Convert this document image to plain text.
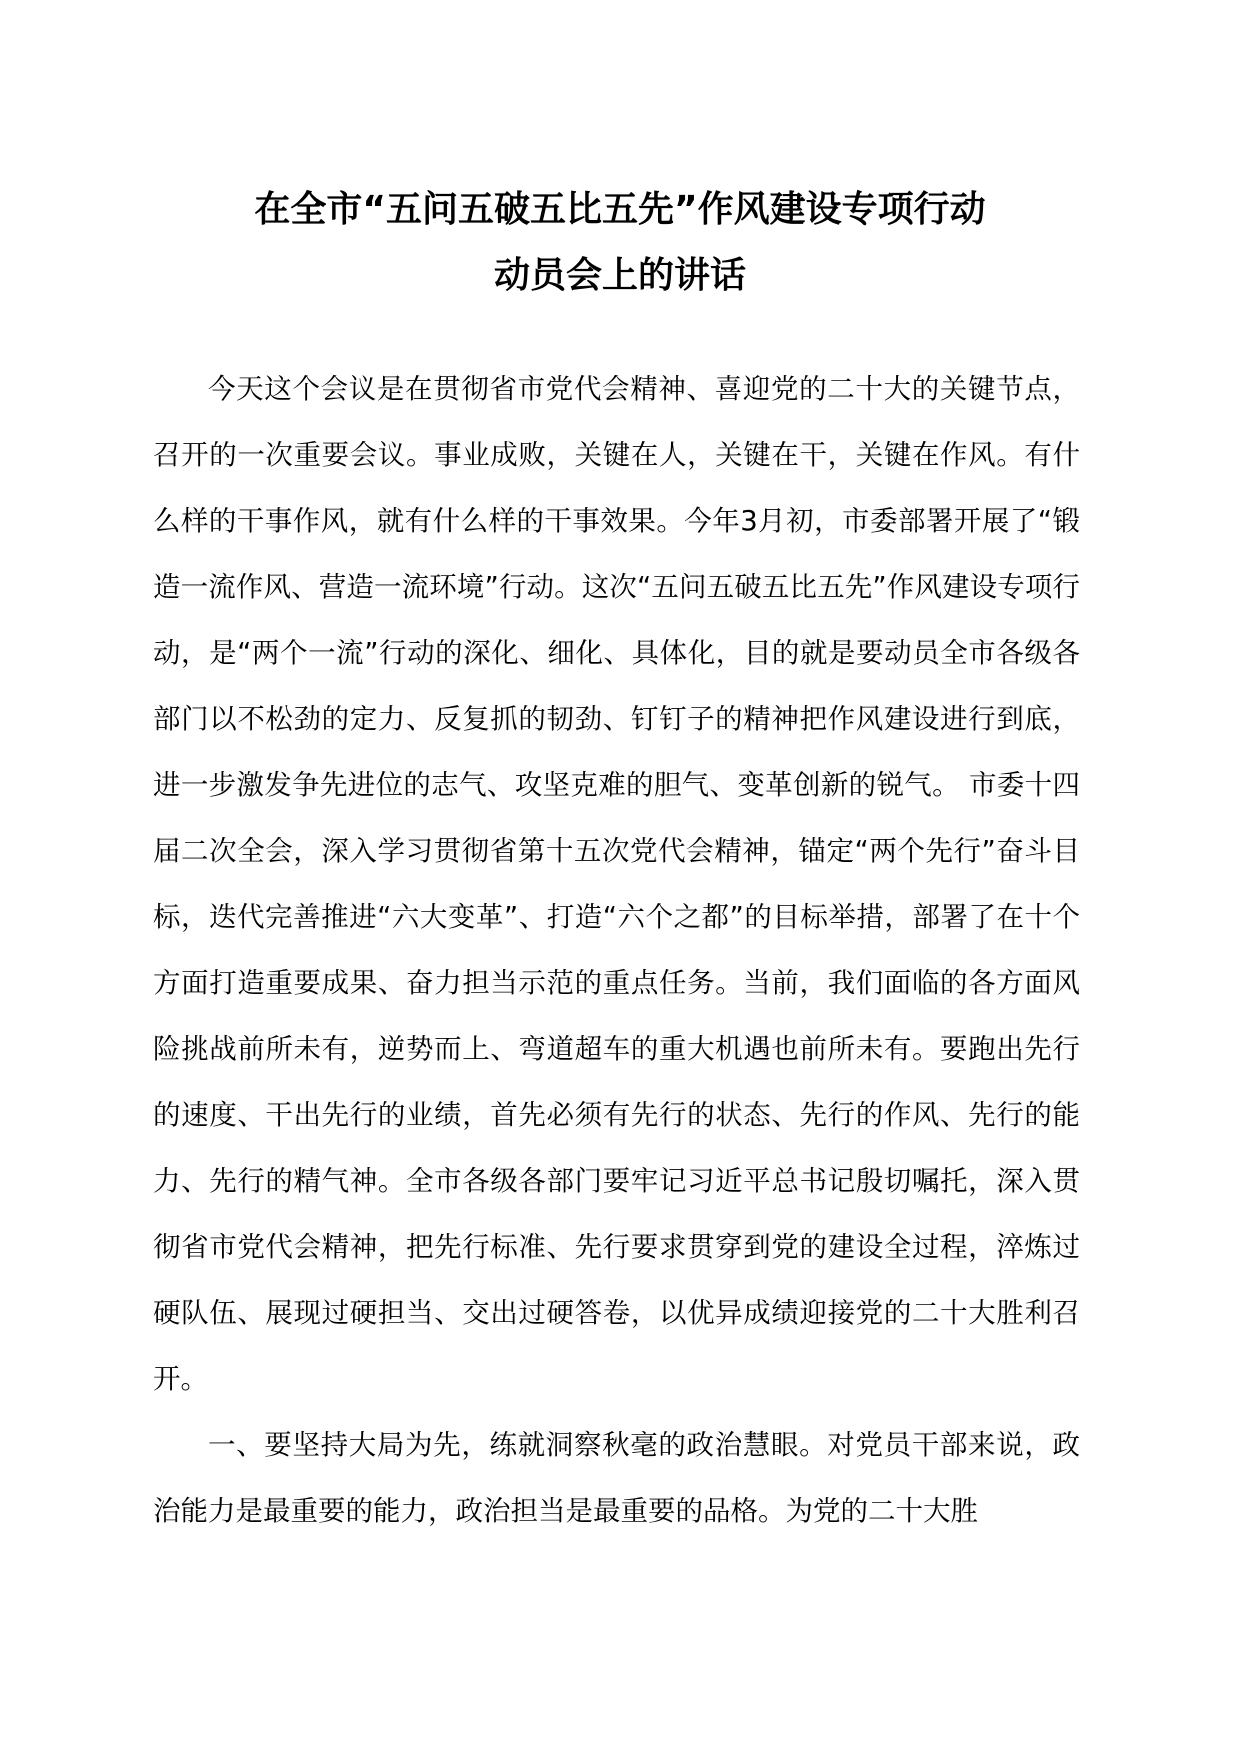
在全市“五问五破五比五先”作风建设专项行动
动员会上的讲话

今天这个会议是在贯彻省市党代会精神、喜迎党的二十大的关键节点，召开的一次重要会议。事业成败，关键在人，关键在干，关键在作风。有什么样的干事作风，就有什么样的干事效果。今年3月初，市委部署开展了“锻造一流作风、营造一流环境”行动。这次“五问五破五比五先”作风建设专项行动，是“两个一流”行动的深化、细化、具体化，目的就是要动员全市各级各部门以不松劲的定力、反复抓的韧劲、钉钉子的精神把作风建设进行到底，进一步激发争先进位的志气、攻坚克难的胆气、变革创新的锐气。 市委十四届二次全会，深入学习贯彻省第十五次党代会精神，锚定“两个先行”奋斗目标，迭代完善推进“六大变革”、打造“六个之都”的目标举措，部署了在十个方面打造重要成果、奋力担当示范的重点任务。当前，我们面临的各方面风险挑战前所未有，逆势而上、弯道超车的重大机遇也前所未有。要跑出先行的速度、干出先行的业绩，首先必须有先行的状态、先行的作风、先行的能力、先行的精气神。全市各级各部门要牢记习近平总书记殷切嘱托，深入贯彻省市党代会精神，把先行标准、先行要求贯穿到党的建设全过程，淬炼过硬队伍、展现过硬担当、交出过硬答卷，以优异成绩迎接党的二十大胜利召开。

一、要坚持大局为先，练就洞察秋毫的政治慧眼。对党员干部来说，政治能力是最重要的能力，政治担当是最重要的品格。为党的二十大胜
